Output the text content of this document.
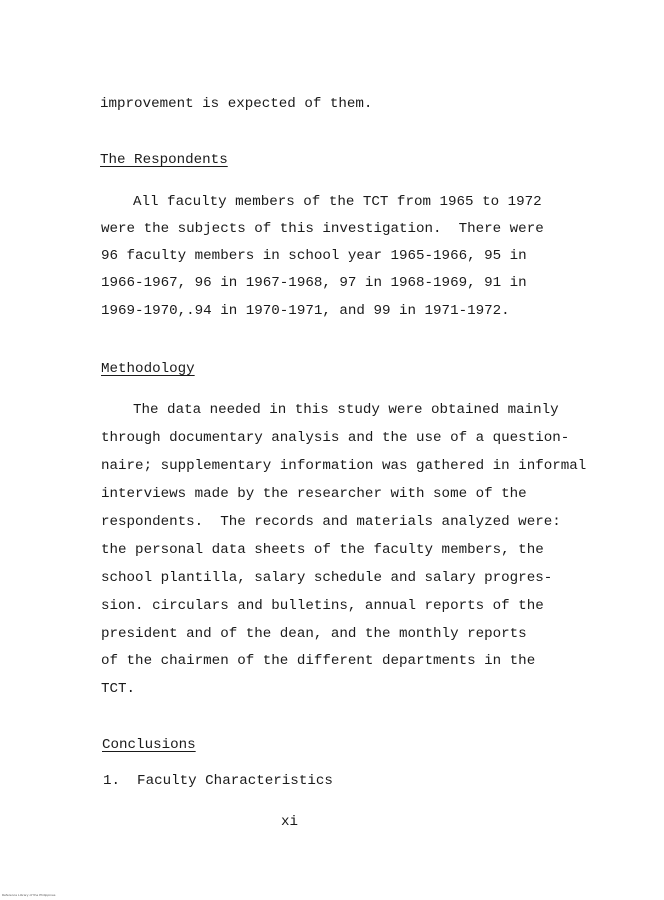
improvement is expected of them.
The Respondents
All faculty members of the TCT from 1965 to 1972
were the subjects of this investigation.  There were
96 faculty members in school year 1965-1966, 95 in
1966-1967, 96 in 1967-1968, 97 in 1968-1969, 91 in
1969-1970,.94 in 1970-1971, and 99 in 1971-1972.
Methodology
The data needed in this study were obtained mainly
through documentary analysis and the use of a question-
naire; supplementary information was gathered in informal
interviews made by the researcher with some of the
respondents.  The records and materials analyzed were:
the personal data sheets of the faculty members, the
school plantilla, salary schedule and salary progres-
sion. circulars and bulletins, annual reports of the
president and of the dean, and the monthly reports
of the chairmen of the different departments in the
TCT.
Conclusions
1.  Faculty Characteristics
xi
Reference Library of the Philippines
